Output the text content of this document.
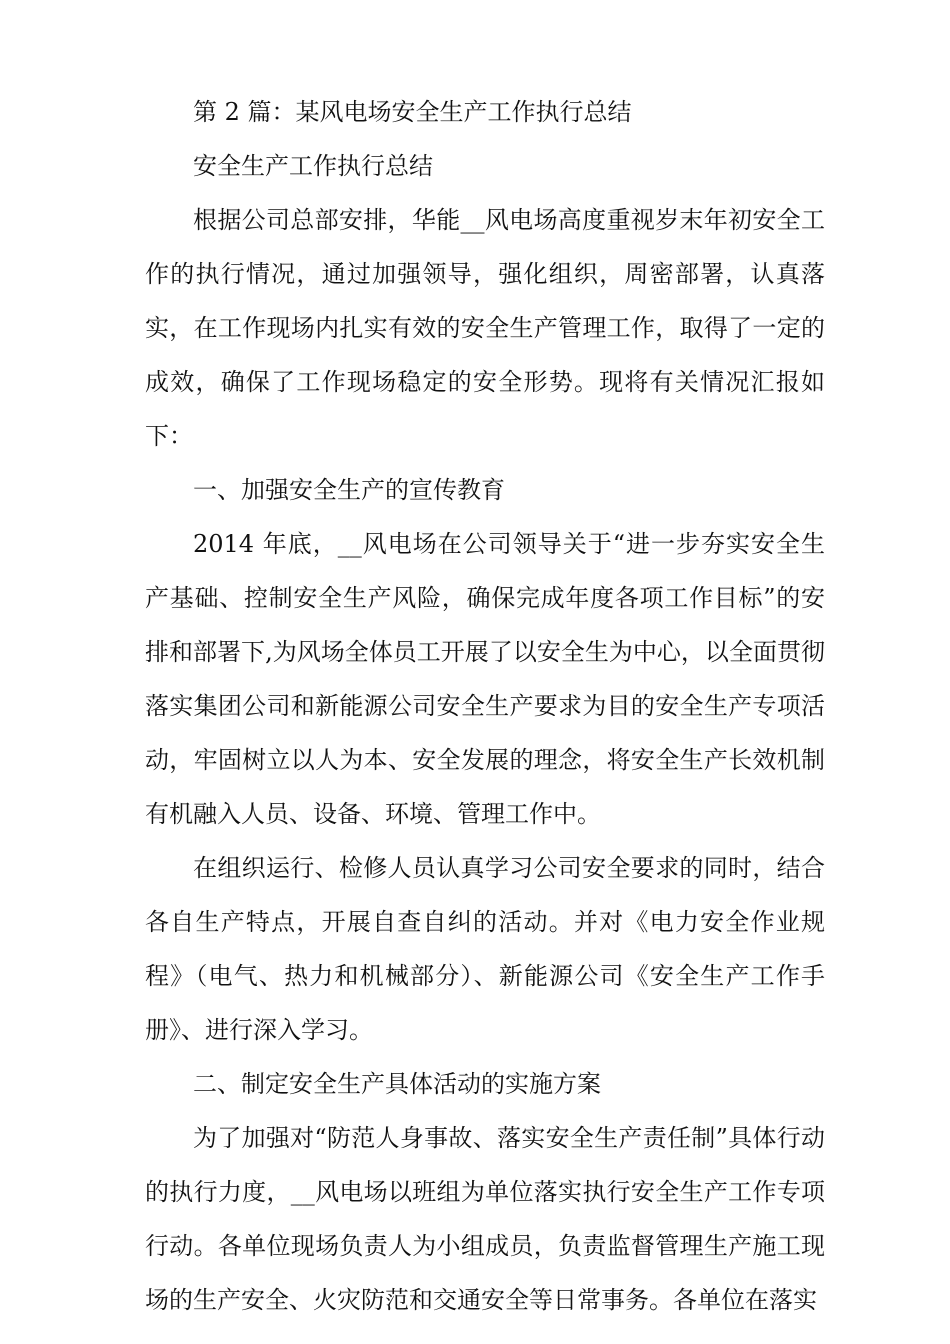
第 2 篇：某风电场安全生产工作执行总结

安全生产工作执行总结

根据公司总部安排，华能__风电场高度重视岁末年初安全工作的执行情况，通过加强领导，强化组织，周密部署，认真落实，在工作现场内扎实有效的安全生产管理工作，取得了一定的成效，确保了工作现场稳定的安全形势。现将有关情况汇报如下：

一、加强安全生产的宣传教育

2014 年底，__风电场在公司领导关于“进一步夯实安全生产基础、控制安全生产风险，确保完成年度各项工作目标”的安排和部署下,为风场全体员工开展了以安全生为中心，以全面贯彻落实集团公司和新能源公司安全生产要求为目的安全生产专项活动，牢固树立以人为本、安全发展的理念，将安全生产长效机制有机融入人员、设备、环境、管理工作中。

在组织运行、检修人员认真学习公司安全要求的同时，结合各自生产特点，开展自查自纠的活动。并对《电力安全作业规程》（电气、热力和机械部分）、新能源公司《安全生产工作手册》、进行深入学习。

二、制定安全生产具体活动的实施方案

为了加强对“防范人身事故、落实安全生产责任制”具体行动的执行力度，__风电场以班组为单位落实执行安全生产工作专项行动。各单位现场负责人为小组成员，负责监督管理生产施工现场的生产安全、火灾防范和交通安全等日常事务。各单位在落实
